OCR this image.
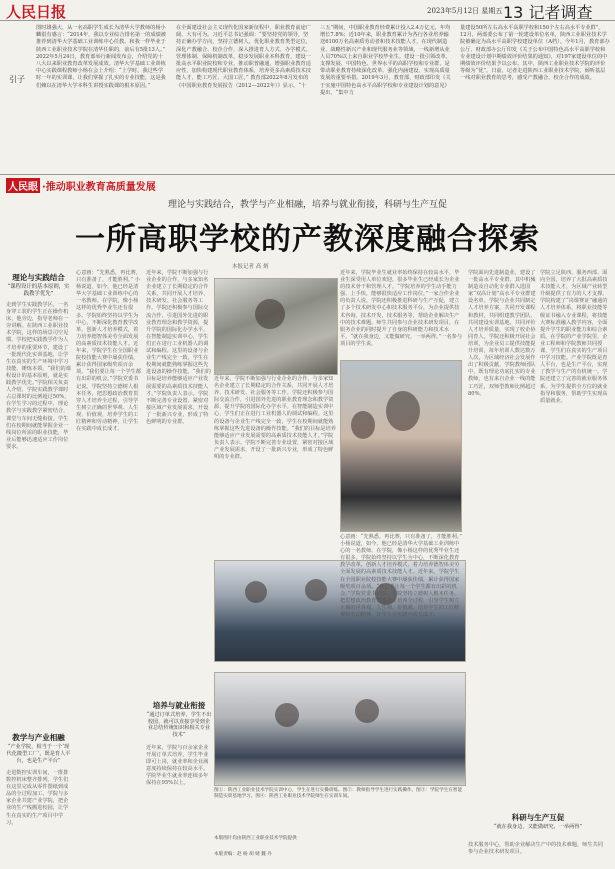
人民日报	2023年5月12日 星期五 13 记者调查
引子
图时雄强大，从一名高职学生成长为清华大学教师的杨小麟很有感言：“2014年，我以专业综合排名第一的成绩被推荐到清华大学基础工业训练中心任教。和我一样毕业于陕西工业职业技术学院在清华任职的，前后有5批13人。” 2022年5月24日，教育部举行新闻发布会，介绍党的十八大以来职业教育改革发展成效。清华大学基础工业训练中心实践课程教师小杨在会上介绍：“上学时，我过些学时一年的实训课，让我们掌握了扎实的专业技能，这是我们赖以在清华大学本科生讲授实践课的根本原因。”
在全面建设社会主义现代化国家新征程中，职业教育前途广阔、大有可为。习近平总书记强调：“要坚持党的领导，坚持正确办学方向，坚持立德树人，优化职业教育类型定位，深化产教融合、校企合作，深入推进育人方式、办学模式、管理体制、保障机制改革，稳步发展职业本科教育，建设一批高水平职业院校和专业，推动职普融通，增强职业教育适应性，加快构建现代职业教育体系，培养更多高素质技术技能人才、能工巧匠、大国工匠。” 教育部2022年8月发布的《中国职业教育发展报告（2012—2022年）》显示，“十
三五”期间，中国职业教育经费累计投入2.4万亿元，年均增长7.8%；近10年来，职业教育累计为各行各业培养输送6100万名高素质劳动者和技术技能人才，在现代制造业、战略性新兴产业和现代服务业等领域，一线新增从业人员70%以上来自职业学校毕业生。建设一批引领改革、支撑发展、中国特色、世界水平的高职学校和专业群，是带动职业教育持续深化改革、强化内涵建设、实现高质量发展的重要举措。2019年3月，教育部、财政部印发《关于实施中国特色高水平高职学校和专业建设计划的意见》提出，“集中力
量建设50所左右高水平高职学校和150个左右高水平专业群”。12月，两部委公布了第一轮建设单位名单，陕西工业职业技术学院被确定为高水平高职学校建设单位（A档）。今年1月，教育部办公厅、财政部办公厅印发《关于公布中国特色高水平高职学校和专业建设计划中期绩效评价结果的通知》，对197家建设单位的中期绩效评价结果予以公布。其中，陕西工业职业技术学院的评价等级为“优”。日前，记者走进陕西工业职业技术学院，倾听基层一线对职业教育的思考，感受产教融合、校企合作的成效。
人民眼 ·推动职业教育高质量发展
理论与实践结合，教学与产业相融，培养与就业衔接，科研与生产互促
一所高职学校的产教深度融合探索
本报记者 高 炳
理论与实践结合
“课程设计的基本原则，实践教学优先”
走到学生实践教学区，一名身穿工装的学生正在操作机床，他旁边，指导老师在一旁讲解。在陕西工业职业技术学院，这样的场景司空见惯。学校把实践教学作为人才培养的重要环节，建设了一批现代化实训基地，让学生在真实的生产环境中学习技能、锤炼本领。“我们的课程设计的基本原则，就是实践教学优先。”学院相关负责人介绍，学院实践教学课时占总课时的比例超过50%，在学生学习的过程中，理论教学与实践教学紧密结合，课堂与车间无缝衔接。学生们在校期间就能掌握企业一线岗位所需的职业技能，毕业后能够迅速适应工作岗位要求。
教学与产业相融
“产业学院，相当于一个‘现代化微型工厂’，既是育人平台，也是生产平台”
走进数控实训车间，一排排数控机床整齐排列。学生们在这里完成从零件图纸到成品的全过程加工。学院与多家企业共建产业学院，把企业的生产线搬进校园，让学生在真实的生产项目中学习。
心意画：“先熟悉，再比赛，只有准备了，才能胜利。” 小杨说道，如今，他已经是清华大学基础工业训练中心的一名教师。在学院，像小杨这样的优秀毕业生还有很多。学院始终坚持以学生为中心，不断深化教育教学改革，创新人才培养模式，着力培养德智体美劳全面发展的高素质技术技能人才。近年来，学院学生在全国职业院校技能大赛中屡获佳绩，累计获得国家级奖项百余项。“我们要让每一个学生都有出彩的机会。”学院党委书记说。学院坚持立德树人根本任务，把思想政治教育贯穿人才培养全过程，引导学生树立正确的世界观、人生观、价值观，培养学生的工匠精神和劳动精神，让学生在实践中成长成才。
近年来，学院不断加强与行业企业的合作，与多家知名企业建立了长期稳定的合作关系，共同开展人才培养、技术研发、社会服务等工作。学院还积极参与国际交流合作，引进国外先进的职业教育理念和教学资源，提升学院的国际化办学水平。在智能制造实训中心，学生们正在进行工业机器人的调试和编程。这里的设备与企业生产线完全一致，学生在校期间就能熟练掌握这些先进设备的操作技能。“我们的目标是培养能够适应产业发展需要的高素质技术技能人才。”学院负责人表示。学院不断完善专业设置，紧密对接区域产业发展需求，开设了一批新兴专业，形成了特色鲜明的专业群。
图①：陕西工业职业技术学院实训中心，学生在进行实操训练。图②：教师指导学生进行实践操作。图③：学院学生在智能制造实训基地学习。图④：陕西工业职业技术学院师生在实训车间。
本版图片均由陕西工业职业技术学院提供
本版责编：赵 杨 胡 婧 魏 丹
培养与就业衔接
“通过订单式培养，学生不出校园，就可以直接享受到企业总结传统知识和相关专业技术”
近年来，学院与百余家企业开展订单式培养，学生毕业即可上岗，就业率和企业满意度持续保持在较高水平。学院毕业生就业率连续多年保持在95%以上。
学院面向先进制造业，建设了一批高水平专业群，其中机械制造及自动化专业群入选国家“双高计划”高水平专业群建设名单。学院与企业共同制定人才培养方案，共同开发课程和教材，共同组建教学团队，共同建设实训基地，共同评价人才培养质量，实现了校企协同育人。学院还积极开展社会培训，为企业员工提供技能提升培训，每年培训人数达数万人次，为区域经济社会发展作出了积极贡献。学院教师团队中，既有理论功底扎实的专业教师，也有来自企业一线的能工巧匠，双师型教师比例超过80%。
学院立足陕西、服务西部、面向全国，培养了大批高素质技术技能人才，为区域产业转型升级提供了有力的人才支撑。学院构建了“岗课赛证”融通的人才培养体系，将职业技能等级证书融入专业课程，将技能大赛标准融入教学内容，全面提升学生的职业能力和综合素质。在学院的产业学院里，企业工程师和学院教师共同授课，学生们在真实的生产项目中学习技能。产业学院既是育人平台，也是生产平台，实现了教学与生产的有机统一。学院还建立了完善的就业服务体系，为学生提供全方位的就业指导和服务，帮助学生实现高质量就业。
科研与生产互促
“就在我身边，又能做研究，一举两得”
技术服务中心，帮助企业解决生产中的技术难题，师生共同参与企业技术研发项目。
近年来，学院毕业生就业率始终保持在较高水平，毕业生深受用人单位欢迎。很多毕业生已经成长为企业的技术骨干和管理人才。“学院培养的学生动手能力强、上手快，能够很快适应工作岗位。”一家合作企业的负责人说。学院还积极推进科研与生产互促，建立了多个技术研发中心和技术服务平台，为企业提供技术咨询、技术开发、技术服务等，帮助企业解决生产中的技术难题。师生共同参与企业技术研发项目，在服务企业的同时提升了自身的科研能力和技术水平。“就在我身边，又能做研究，一举两得。”一名参与项目的学生说。
近年来，学院不断加强与行业企业的合作，与多家知名企业建立了长期稳定的合作关系，共同开展人才培养、技术研发、社会服务等工作。学院还积极参与国际交流合作，引进国外先进的职业教育理念和教学资源，提升学院的国际化办学水平。在智能制造实训中心，学生们正在进行工业机器人的调试和编程。这里的设备与企业生产线完全一致，学生在校期间就能熟练掌握这些先进设备的操作技能。“我们的目标是培养能够适应产业发展需要的高素质技术技能人才。”学院负责人表示。学院不断完善专业设置，紧密对接区域产业发展需求，开设了一批新兴专业，形成了特色鲜明的专业群。
心意画：“先熟悉，再比赛，只有准备了，才能胜利。” 小杨说道，如今，他已经是清华大学基础工业训练中心的一名教师。在学院，像小杨这样的优秀毕业生还有很多。学院始终坚持以学生为中心，不断深化教育教学改革，创新人才培养模式，着力培养德智体美劳全面发展的高素质技术技能人才。近年来，学院学生在全国职业院校技能大赛中屡获佳绩，累计获得国家级奖项百余项。“我们要让每一个学生都有出彩的机会。”学院党委书记说。学院坚持立德树人根本任务，把思想政治教育贯穿人才培养全过程，引导学生树立正确的世界观、人生观、价值观，培养学生的工匠精神和劳动精神，让学生在实践中成长成才。
